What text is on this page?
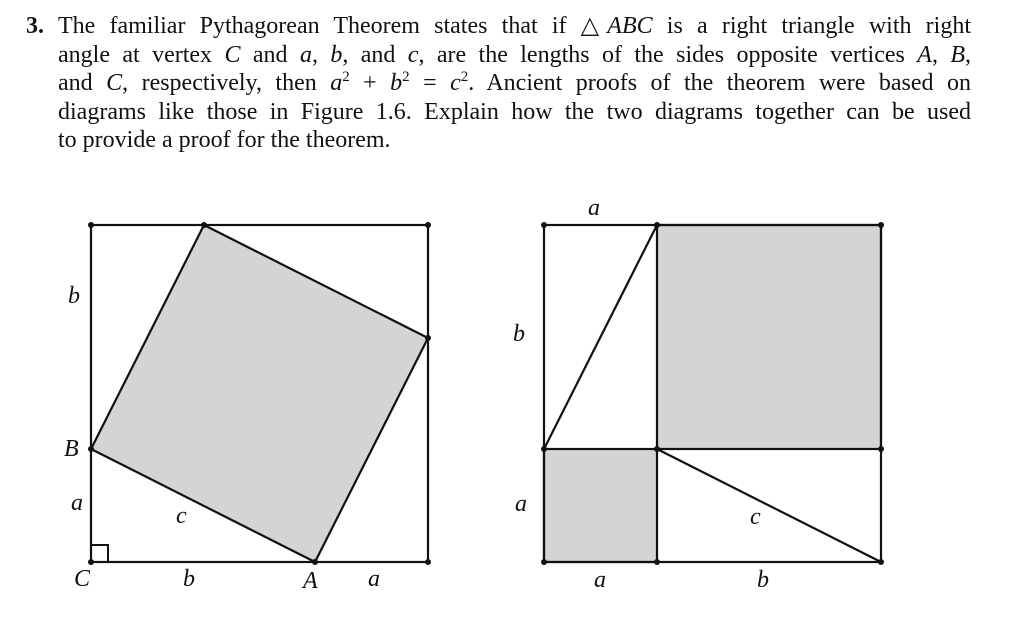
3. The familiar Pythagorean Theorem states that if △ABC is a right triangle with right
angle at vertex C and a, b, and c, are the lengths of the sides opposite vertices A, B,
and C, respectively, then $a^2 + b^2 = c^2$. Ancient proofs of the theorem were based on
diagrams like those in Figure 1.6. Explain how the two diagrams together can be used
to provide a proof for the theorem.
b
B
a
C	b	A a
c
a
b
a
a	b
c
